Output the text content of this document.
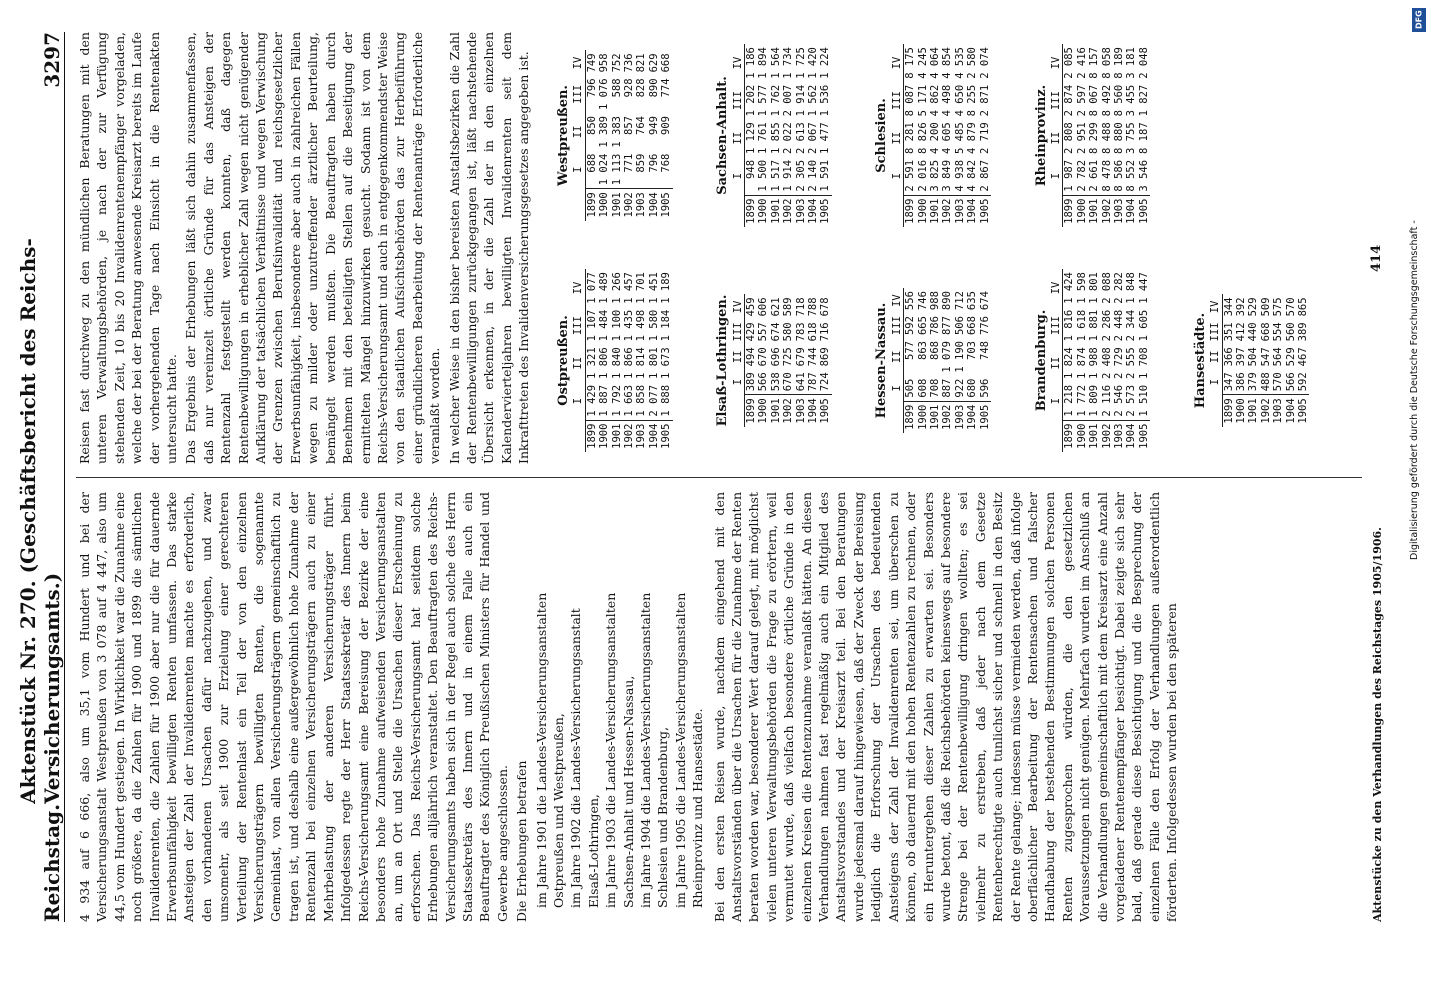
Reichstag.
Aktenstück Nr. 270. (Geschäftsbericht des Reichs-Versicherungsamts.)
3297

4 934 auf 6 666, also um 35,1 vom Hundert und bei der Versicherungsanstalt Westpreußen von 3 078 auf 4 447, also um 44,5 vom Hundert gestiegen. In Wirklichkeit war die Zunahme eine noch größere, da die Zahlen für 1900 und 1899 die sämtlichen Invalidenrenten, die Zahlen für 1900 aber nur die für dauernde Erwerbsunfähigkeit bewilligten Renten umfassen. Das starke Ansteigen der Zahl der Invalidenrenten machte es erforderlich, den vorhandenen Ursachen dafür nachzugehen, und zwar umsomehr, als seit 1900 zur Erzielung einer gerechteren Verteilung der Rentenlast ein Teil der von den einzelnen Versicherungsträgern bewilligten Renten, die sogenannte Gemeinlast, von allen Versicherungsträgern gemeinschaftlich zu tragen ist, und deshalb eine außergewöhnlich hohe Zunahme der Rentenzahl bei einzelnen Versicherungsträgern auch zu einer Mehrbelastung der anderen Versicherungsträger führt. Infolgedessen regte der Herr Staatssekretär des Innern beim Reichs-Versicherungsamt eine Bereisung der Bezirke der eine besonders hohe Zunahme aufweisenden Versicherungsanstalten an, um an Ort und Stelle die Ursachen dieser Erscheinung zu erforschen. Das Reichs-Versicherungsamt hat seitdem solche Erhebungen alljährlich veranstaltet. Den Beauftragten des Reichs-Versicherungsamts haben sich in der Regel auch solche des Herrn Staatssekretärs des Innern und in einem Falle auch ein Beauftragter des Königlich Preußischen Ministers für Handel und Gewerbe angeschlossen. Die Erhebungen betrafen im Jahre 1901 die Landes-Versicherungsanstalten Ostpreußen und Westpreußen, im Jahre 1902 die Landes-Versicherungsanstalt Elsaß-Lothringen, im Jahre 1903 die Landes-Versicherungsanstalten Sachsen-Anhalt und Hessen-Nassau, im Jahre 1904 die Landes-Versicherungsanstalten Schlesien und Brandenburg, im Jahre 1905 die Landes-Versicherungsanstalten Rheinprovinz und Hansestädte. Bei den ersten Reisen wurde, nachdem eingehend mit den Anstaltsvorständen über die Ursachen für die Zunahme der Renten beraten worden war, besonderer Wert darauf gelegt, mit möglichst vielen unteren Verwaltungsbehörden die Frage zu erörtern, weil vermutet wurde, daß vielfach besondere örtliche Gründe in den einzelnen Kreisen die Rentenzunahme veranlaßt hätten. An diesen Verhandlungen nahmen fast regelmäßig auch ein Mitglied des Anstaltsvorstandes und der Kreisarzt teil. Bei den Beratungen wurde jedesmal darauf hingewiesen, daß der Zweck der Bereisung lediglich die Erforschung der Ursachen des bedeutenden Ansteigens der Zahl der Invalidenrenten sei, um überschen zu können, ob dauernd mit den hohen Rentenzahlen zu rechnen, oder ein Heruntergehen dieser Zahlen zu erwarten sei. Besonders wurde betont, daß die Reichsbehörden keineswegs auf besondere Strenge bei der Rentenbewilligung dringen wollten; es sei vielmehr zu erstreben, daß jeder nach dem Gesetze Rentenberechtigte auch tunlichst sicher und schnell in den Besitz der Rente gelange; indessen müsse vermieden werden, daß infolge oberflächlicher Bearbeitung der Rentensachen und falscher Handhabung der bestehenden Bestimmungen solchen Personen Renten zugesprochen würden, die den gesetzlichen Voraussetzungen nicht genügen. Mehrfach wurden im Anschluß an die Verhandlungen gemeinschaftlich mit dem Kreisarzt eine Anzahl vorgeladener Rentenempfänger besichtigt. Dabei zeigte sich sehr bald, daß gerade diese Besichtigung und die Besprechung der einzelnen Fälle den Erfolg der Verhandlungen außerordentlich förderten. Infolgedessen wurden bei den späteren

Reisen fast durchweg zu den mündlichen Beratungen mit den unteren Verwaltungsbehörden, je nach der zur Verfügung stehenden Zeit, 10 bis 20 Invalidenrentenempfänger vorgeladen, welche der bei der Beratung anwesende Kreisarzt bereits im Laufe der vorhergehenden Tage nach Einsicht in die Rentenakten untersucht hatte. Das Ergebnis der Erhebungen läßt sich dahin zusammenfassen, daß nur vereinzelt örtliche Gründe für das Ansteigen der Rentenzahl festgestellt werden konnten, daß dagegen Rentenbewilligungen in erheblicher Zahl wegen nicht genügender Aufklärung der tatsächlichen Verhältnisse und wegen Verwischung der Grenzen zwischen Berufsinvalidität und reichsgesetzlicher Erwerbsunfähigkeit, insbesondere aber auch in zahlreichen Fällen wegen zu milder oder unzutreffender ärztlicher Beurteilung, bemängelt werden mußten. Die Beauftragten haben durch Benehmen mit den beteiligten Stellen auf die Beseitigung der ermittelten Mängel hinzuwirken gesucht. Sodann ist von dem Reichs-Versicherungsamt und auch in entgegenkommendster Weise von den staatlichen Aufsichtsbehörden das zur Herbeiführung einer gründlicheren Bearbeitung der Rentenanträge Erforderliche veranlaßt worden. In welcher Weise in den bisher bereisten Anstaltsbezirken die Zahl der Rentenbewilligungen zurückgegangen ist, läßt nachstehende Übersicht erkennen, in der die Zahl der in den einzelnen Kalendervierteljahren bewilligten Invalidenrenten seit dem Inkrafttreten des Invalidenversicherungsgesetzes angegeben ist. Ostpreußen.
	I	II	III	IV
1899	1 429	1 321	1 107	1 077
1900	1 887	1 806	1 484	1 489
1901	1 792	1 840	1 100	1 266
1902	1 663	1 866	1 435	1 457
1903	1 858	1 814	1 498	1 701
1904	2 077	1 801	1 580	1 451
1905	1 888	1 673	1 184	1 189
Westpreußen.
	I	II	III	IV
1899	688	850	796	749
1900	1 024	1 389	1 076	958
1901	1 113	1 383	588	752
1902	771	857	928	736
1903	859	764	828	821
1904	796	949	890	629
1905	768	909	774	668
Elsaß-Lothringen.
	I	II	III	IV
1899	389	494	429	459
1900	566	670	557	606
1901	538	696	674	621
1902	670	725	580	589
1903	641	679	783	718
1904	787	744	618	788
1905	724	869	716	678
Sachsen-Anhalt.
	I	II	III	IV
1899	948	1 129	1 202	1 186
1900	1 500	1 761	1 577	1 894
1901	1 517	1 855	1 762	1 564
1902	1 914	2 022	2 007	1 734
1903	2 305	2 613	1 914	1 725
1904	2 140	2 067	1 562	1 420
1905	1 591	1 477	1 536	1 224
Hessen-Nassau.
	I	II	III	IV
1899	505	577	592	556
1900	608	863	665	746
1901	708	868	786	988
1902	887	1 079	877	890
1903	922	1 190	506	712
1904	680	703	668	635
1905	596	748	776	674
Schlesien.
	I	II	III	IV
1899	2 591	8 281	8 087	8 175
1900	2 016	8 826	5 171	4 245
1901	3 825	4 200	4 862	4 064
1902	3 849	4 605	4 498	4 854
1903	4 938	5 485	4 650	4 535
1904	4 842	4 879	8 255	2 580
1905	2 867	2 719	2 871	2 074
Brandenburg.
	I	II	III	IV
1899	1 218	1 824	1 816	1 424
1900	1 772	1 874	1 618	1 598
1901	1 809	1 988	1 881	1 801
1902	2 116	2 408	2 286	2 088
1903	2 546	2 729	2 448	2 282
1904	2 573	2 555	2 344	1 848
1905	1 510	1 708	1 605	1 447
Rheinprovinz.
	I	II	III	IV
1899	1 987	2 808	2 874	2 085
1900	2 782	2 951	2 597	2 416
1901	2 661	8 299	8 067	8 157
1902	8 478	8 488	8 492	8 058
1903	8 586	8 880	8 560	8 189
1904	8 552	3 755	3 455	3 181
1905	3 546	8 187	1 827	2 048
Hansestädte.
	I	II	III	IV
1899	347	366	351	344
1900	386	397	412	392
1901	379	504	440	529
1902	488	547	668	509
1903	570	564	554	575
1904	566	529	560	570
1905	592	467	389	865
Aktenstücke zu den Verhandlungen des Reichstages 1905/1906.
414
DFG
Digitalisierung gefördert durch die Deutsche Forschungsgemeinschaft -
